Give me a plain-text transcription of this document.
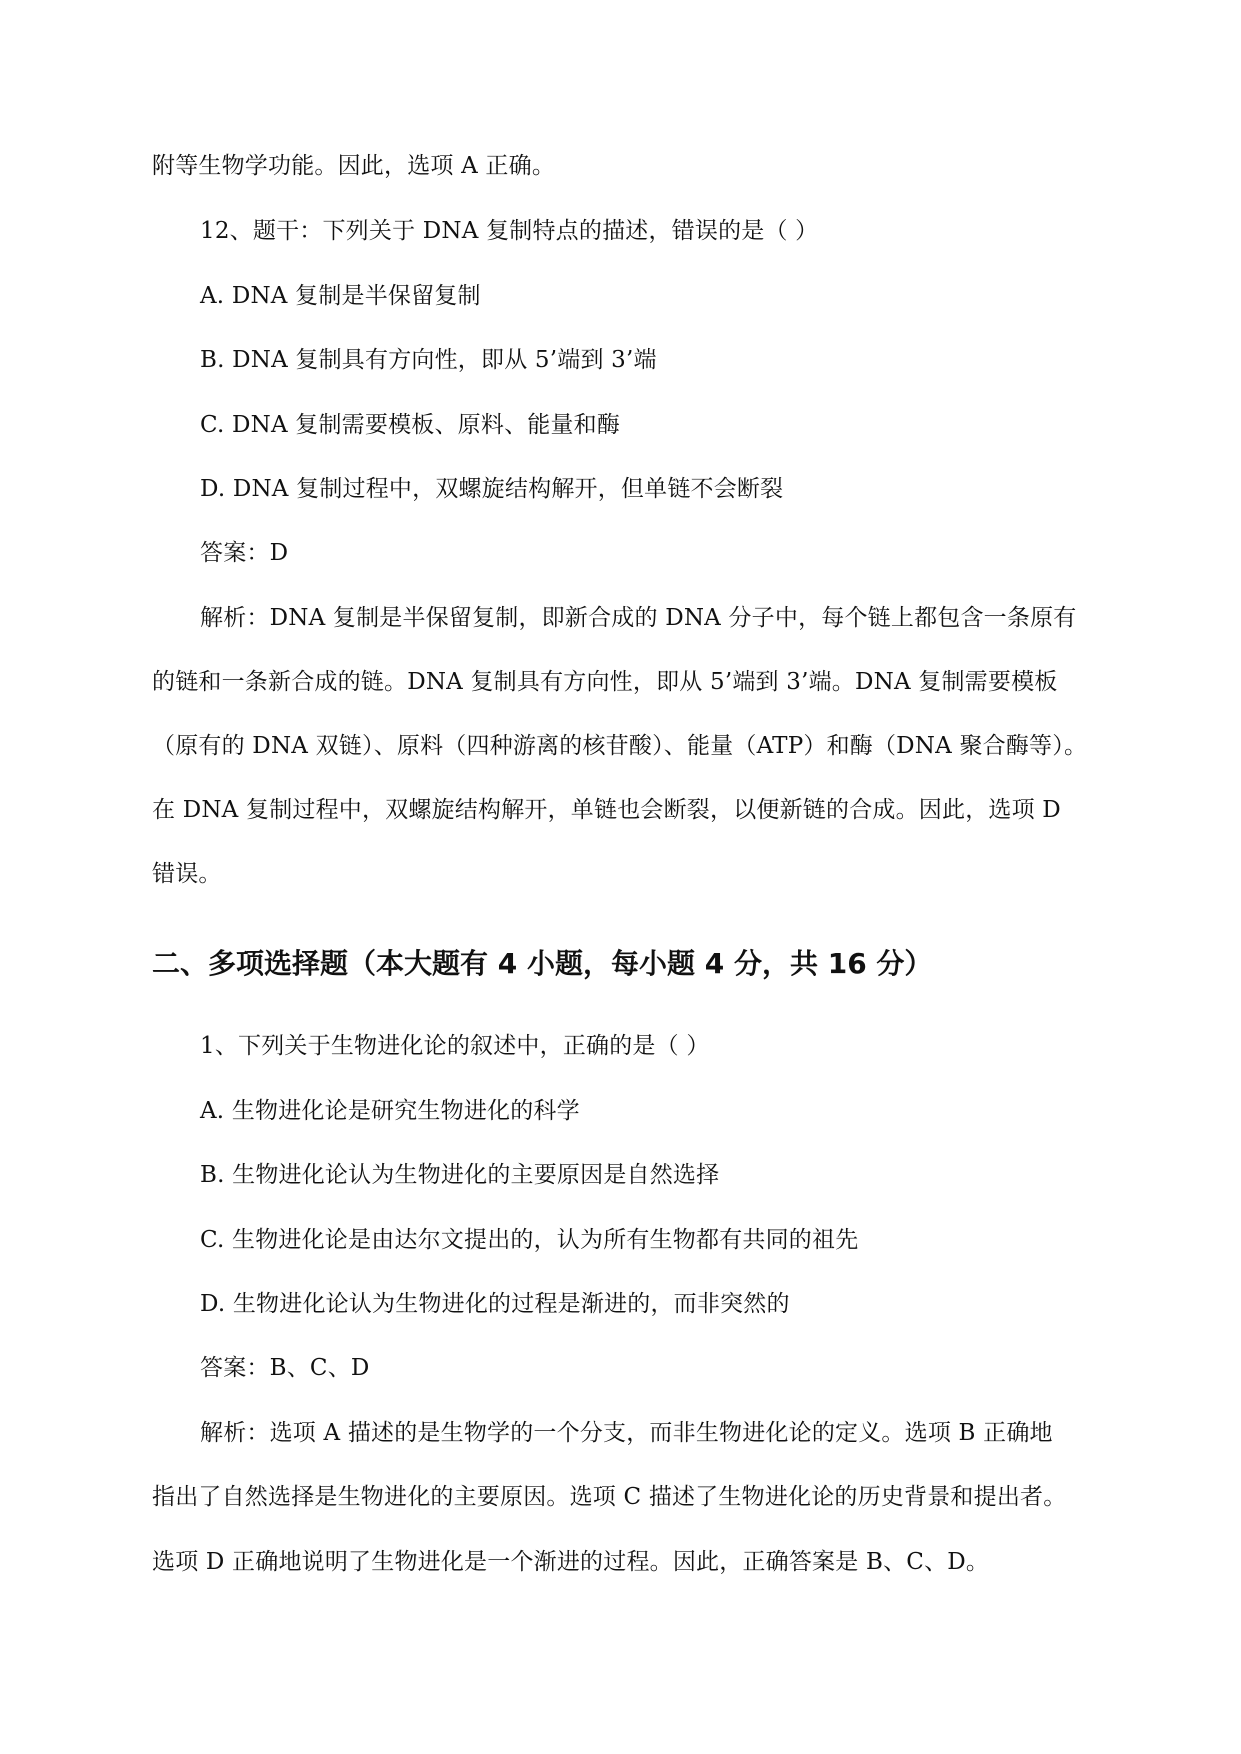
附等生物学功能。因此，选项 A 正确。
12、题干：下列关于 DNA 复制特点的描述，错误的是（ ）
A. DNA 复制是半保留复制
B. DNA 复制具有方向性，即从 5’端到 3’端
C. DNA 复制需要模板、原料、能量和酶
D. DNA 复制过程中，双螺旋结构解开，但单链不会断裂
答案：D
解析：DNA 复制是半保留复制，即新合成的 DNA 分子中，每个链上都包含一条原有
的链和一条新合成的链。DNA 复制具有方向性，即从 5’端到 3’端。DNA 复制需要模板
（原有的 DNA 双链）、原料（四种游离的核苷酸）、能量（ATP）和酶（DNA 聚合酶等）。
在 DNA 复制过程中，双螺旋结构解开，单链也会断裂，以便新链的合成。因此，选项 D
错误。
二、多项选择题（本大题有 4 小题，每小题 4 分，共 16 分）
1、下列关于生物进化论的叙述中，正确的是（ ）
A. 生物进化论是研究生物进化的科学
B. 生物进化论认为生物进化的主要原因是自然选择
C. 生物进化论是由达尔文提出的，认为所有生物都有共同的祖先
D. 生物进化论认为生物进化的过程是渐进的，而非突然的
答案：B、C、D
解析：选项 A 描述的是生物学的一个分支，而非生物进化论的定义。选项 B 正确地
指出了自然选择是生物进化的主要原因。选项 C 描述了生物进化论的历史背景和提出者。
选项 D 正确地说明了生物进化是一个渐进的过程。因此，正确答案是 B、C、D。
